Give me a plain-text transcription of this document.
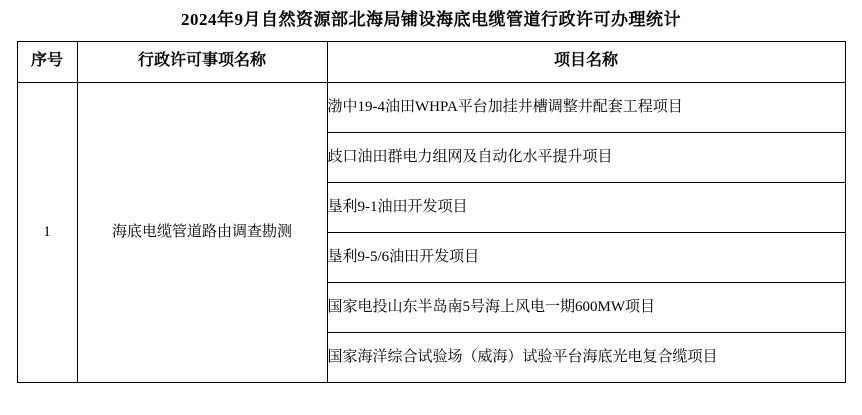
2024年9月自然资源部北海局铺设海底电缆管道行政许可办理统计
序号	行政许可事项名称	项目名称
1	海底电缆管道路由调查勘测	渤中19-4油田WHPA平台加挂井槽调整井配套工程项目
		歧口油田群电力组网及自动化水平提升项目
		垦利9-1油田开发项目
		垦利9-5/6油田开发项目
		国家电投山东半岛南5号海上风电一期600MW项目
		国家海洋综合试验场（威海）试验平台海底光电复合缆项目
